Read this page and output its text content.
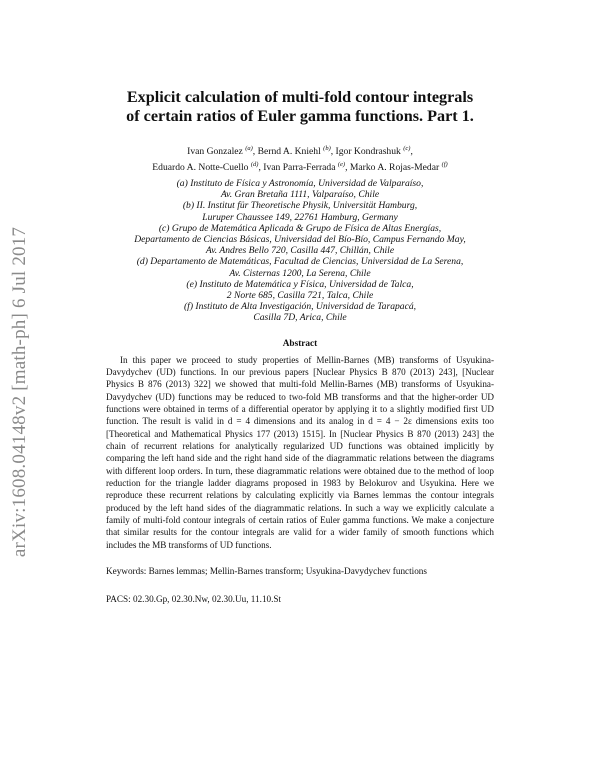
arXiv:1608.04148v2 [math-ph] 6 Jul 2017
Explicit calculation of multi-fold contour integrals
of certain ratios of Euler gamma functions. Part 1.
Ivan Gonzalez $^{(a)}$, Bernd A. Kniehl $^{(b)}$, Igor Kondrashuk $^{(c)}$,
Eduardo A. Notte-Cuello $^{(d)}$, Ivan Parra-Ferrada $^{(e)}$, Marko A. Rojas-Medar $^{(f)}$
(a) Instituto de Física y Astronomía, Universidad de Valparaíso,
Av. Gran Bretaña 1111, Valparaíso, Chile
(b) II. Institut für Theoretische Physik, Universität Hamburg,
Luruper Chaussee 149, 22761 Hamburg, Germany
(c) Grupo de Matemática Aplicada & Grupo de Física de Altas Energías,
Departamento de Ciencias Básicas, Universidad del Bío-Bío, Campus Fernando May,
Av. Andres Bello 720, Casilla 447, Chillán, Chile
(d) Departamento de Matemáticas, Facultad de Ciencias, Universidad de La Serena,
Av. Cisternas 1200, La Serena, Chile
(e) Instituto de Matemática y Física, Universidad de Talca,
2 Norte 685, Casilla 721, Talca, Chile
(f) Instituto de Alta Investigación, Universidad de Tarapacá,
Casilla 7D, Arica, Chile
Abstract

In this paper we proceed to study properties of Mellin-Barnes (MB) transforms of Usyukina-Davydychev (UD) functions. In our previous papers [Nuclear Physics B 870 (2013) 243], [Nuclear Physics B 876 (2013) 322] we showed that multi-fold Mellin-Barnes (MB) transforms of Usyukina-Davydychev (UD) functions may be reduced to two-fold MB transforms and that the higher-order UD functions were obtained in terms of a differential operator by applying it to a slightly modified first UD function. The result is valid in d = 4 dimensions and its analog in d = 4 − 2ε dimensions exits too [Theoretical and Mathematical Physics 177 (2013) 1515]. In [Nuclear Physics B 870 (2013) 243] the chain of recurrent relations for analytically regularized UD functions was obtained implicitly by comparing the left hand side and the right hand side of the diagrammatic relations between the diagrams with different loop orders. In turn, these diagrammatic relations were obtained due to the method of loop reduction for the triangle ladder diagrams proposed in 1983 by Belokurov and Usyukina. Here we reproduce these recurrent relations by calculating explicitly via Barnes lemmas the contour integrals produced by the left hand sides of the diagrammatic relations. In such a way we explicitly calculate a family of multi-fold contour integrals of certain ratios of Euler gamma functions. We make a conjecture that similar results for the contour integrals are valid for a wider family of smooth functions which includes the MB transforms of UD functions.

Keywords: Barnes lemmas; Mellin-Barnes transform; Usyukina-Davydychev functions
PACS: 02.30.Gp, 02.30.Nw, 02.30.Uu, 11.10.St
